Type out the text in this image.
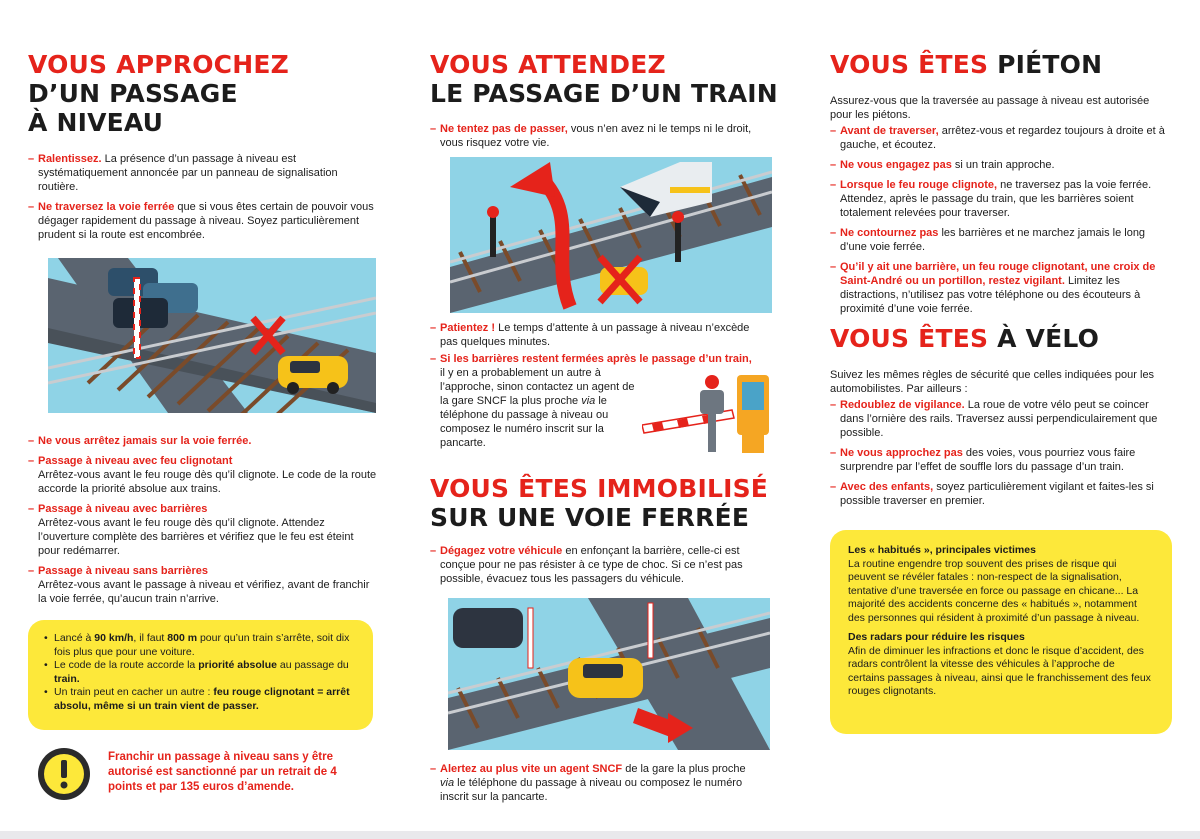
VOUS APPROCHEZ
D’UN PASSAGE
À NIVEAU
– Ralentissez. La présence d’un passage à niveau est systématiquement annoncée par un panneau de signalisation routière.
– Ne traversez la voie ferrée que si vous êtes certain de pouvoir vous dégager rapidement du passage à niveau. Soyez particulièrement prudent si la route est encombrée.
– Ne vous arrêtez jamais sur la voie ferrée.
– Passage à niveau avec feu clignotant
Arrêtez-vous avant le feu rouge dès qu’il clignote. Le code de la route accorde la priorité absolue aux trains.
– Passage à niveau avec barrières
Arrêtez-vous avant le feu rouge dès qu’il clignote. Attendez l’ouverture complète des barrières et vérifiez que le feu est éteint pour redémarrer.
– Passage à niveau sans barrières
Arrêtez-vous avant le passage à niveau et vérifiez, avant de franchir la voie ferrée, qu’aucun train n’arrive.
• Lancé à 90 km/h, il faut 800 m pour qu’un train s’arrête, soit dix fois plus que pour une voiture.
• Le code de la route accorde la priorité absolue au passage du train.
• Un train peut en cacher un autre : feu rouge clignotant = arrêt absolu, même si un train vient de passer.
Franchir un passage à niveau sans y être autorisé est sanctionné par un retrait de 4 points et par 135 euros d’amende.
VOUS ATTENDEZ
LE PASSAGE D’UN TRAIN
– Ne tentez pas de passer, vous n’en avez ni le temps ni le droit, vous risquez votre vie.
– Patientez ! Le temps d’attente à un passage à niveau n’excède pas quelques minutes.
– Si les barrières restent fermées après le passage d’un train,il y en a probablement un autre à l’approche, sinon contactez un agent de la gare SNCF la plus proche via le téléphone du passage à niveau ou composez le numéro inscrit sur la pancarte.
VOUS ÊTES IMMOBILISÉ
SUR UNE VOIE FERRÉE
– Dégagez votre véhicule en enfonçant la barrière, celle-ci est conçue pour ne pas résister à ce type de choc. Si ce n’est pas possible, évacuez tous les passagers du véhicule.
– Alertez au plus vite un agent SNCF de la gare la plus proche via le téléphone du passage à niveau ou composez le numéro inscrit sur la pancarte.
VOUS ÊTES PIÉTON
Assurez-vous que la traversée au passage à niveau est autorisée pour les piétons.
– Avant de traverser, arrêtez-vous et regardez toujours à droite et à gauche, et écoutez.
– Ne vous engagez pas si un train approche.
– Lorsque le feu rouge clignote, ne traversez pas la voie ferrée. Attendez, après le passage du train, que les barrières soient totalement relevées pour traverser.
– Ne contournez pas les barrières et ne marchez jamais le long d’une voie ferrée.
– Qu’il y ait une barrière, un feu rouge clignotant, une croix de Saint-André ou un portillon, restez vigilant. Limitez les distractions, n’utilisez pas votre téléphone ou des écouteurs à proximité d’une voie ferrée.
VOUS ÊTES À VÉLO
Suivez les mêmes règles de sécurité que celles indiquées pour les automobilistes. Par ailleurs :
– Redoublez de vigilance. La roue de votre vélo peut se coincer dans l’ornière des rails. Traversez aussi perpendiculairement que possible.
– Ne vous approchez pas des voies, vous pourriez vous faire surprendre par l’effet de souffle lors du passage d’un train.
– Avec des enfants, soyez particulièrement vigilant et faites-les si possible traverser en premier.
Les « habitués », principales victimes
La routine engendre trop souvent des prises de risque qui peuvent se révéler fatales : non-respect de la signalisation, tentative d’une traversée en force ou passage en chicane... La majorité des accidents concerne des « habitués », notamment des personnes qui résident à proximité d’un passage à niveau.
Des radars pour réduire les risques
Afin de diminuer les infractions et donc le risque d’accident, des radars contrôlent la vitesse des véhicules à l’approche de certains passages à niveau, ainsi que le franchissement des feux rouges clignotants.
